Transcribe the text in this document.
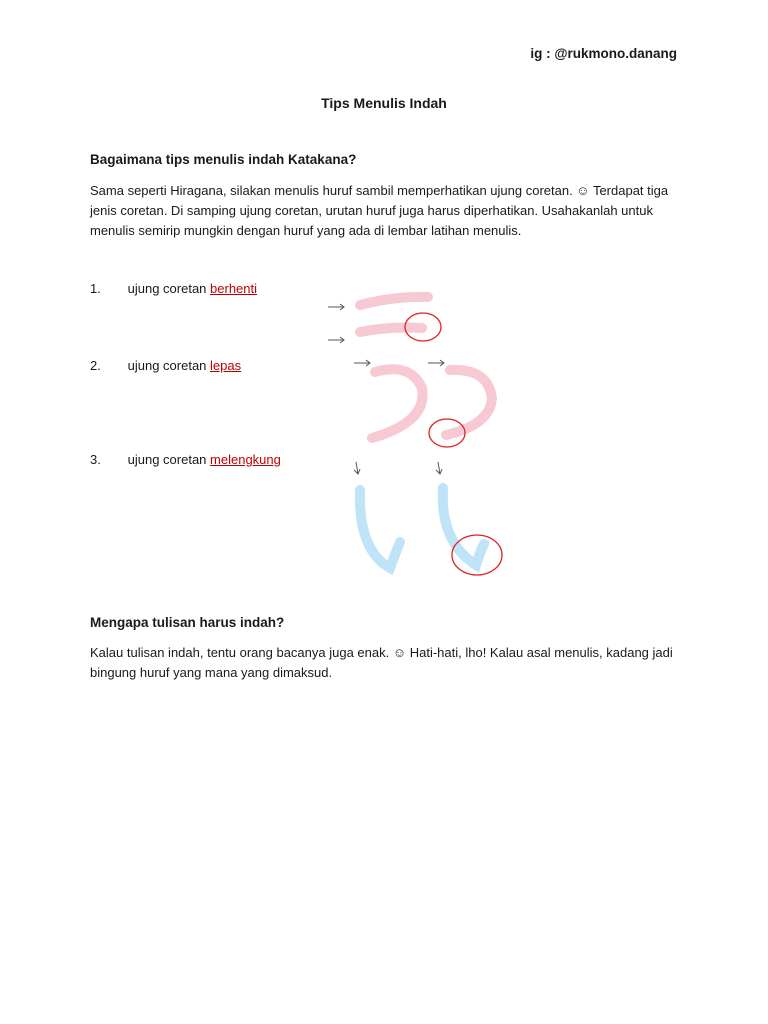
ig : @rukmono.danang
Tips Menulis Indah
Bagaimana tips menulis indah Katakana?
Sama seperti Hiragana, silakan menulis huruf sambil memperhatikan ujung coretan. ☺ Terdapat tiga
jenis coretan. Di samping ujung coretan, urutan huruf juga harus diperhatikan. Usahakanlah untuk
menulis semirip mungkin dengan huruf yang ada di lembar latihan menulis.
1. ujung coretan berhenti
2. ujung coretan lepas
3. ujung coretan melengkung
Mengapa tulisan harus indah?
Kalau tulisan indah, tentu orang bacanya juga enak. ☺ Hati-hati, lho! Kalau asal menulis, kadang jadi
bingung huruf yang mana yang dimaksud.
